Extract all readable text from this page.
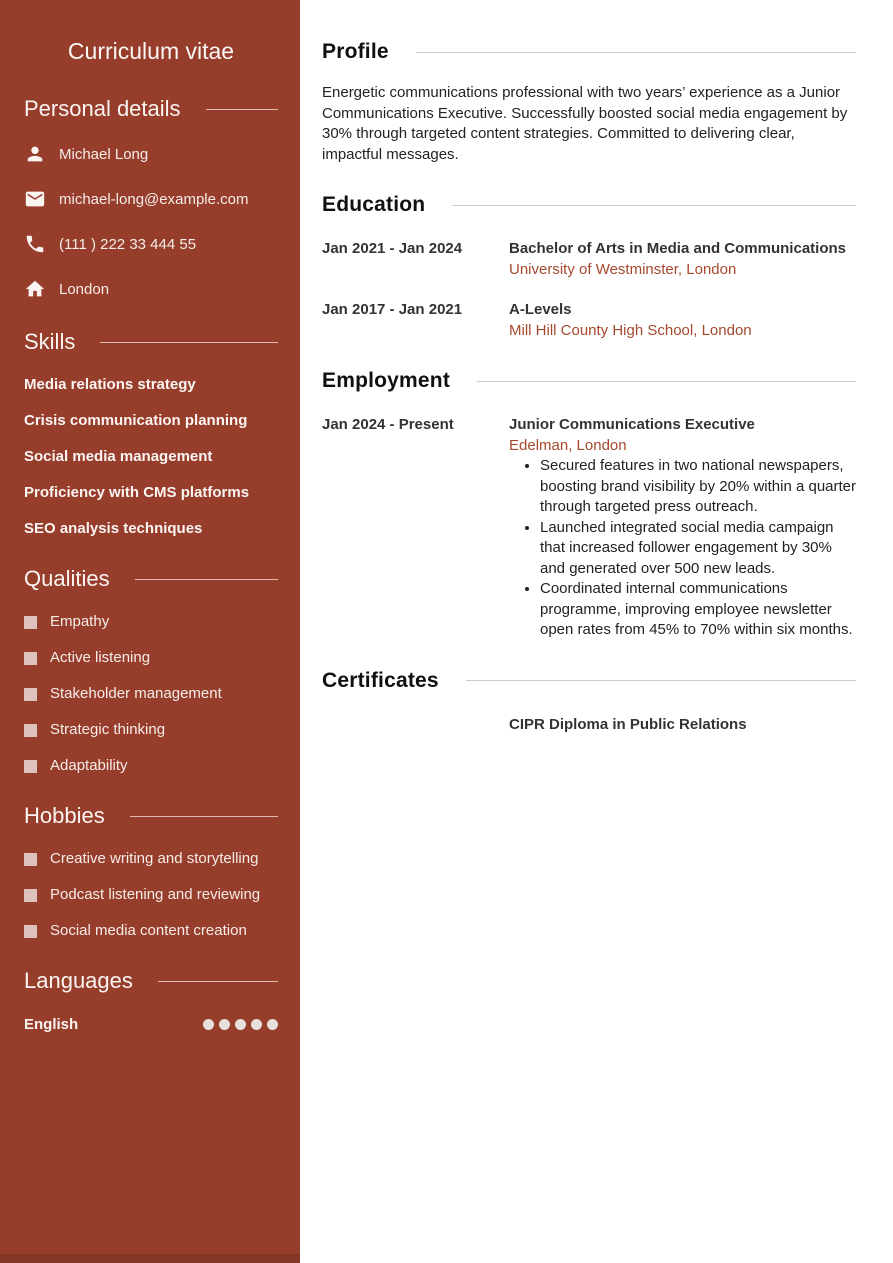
Curriculum vitae
Personal details
Michael Long
michael-long@example.com
(111 ) 222 33 444 55
London
Skills
Media relations strategy
Crisis communication planning
Social media management
Proficiency with CMS platforms
SEO analysis techniques
Qualities
Empathy
Active listening
Stakeholder management
Strategic thinking
Adaptability
Hobbies
Creative writing and storytelling
Podcast listening and reviewing
Social media content creation
Languages
English
Profile

Energetic communications professional with two years’ experience as a Junior Communications Executive. Successfully boosted social media engagement by 30% through targeted content strategies. Committed to delivering clear, impactful messages.

Education
Jan 2021 - Jan 2024	Bachelor of Arts in Media and Communications
University of Westminster, London
Jan 2017 - Jan 2021	A-Levels
Mill Hill County High School, London
Employment
Jan 2024 - Present	Junior Communications Executive
Edelman, London
• Secured features in two national newspapers, boosting brand visibility by 20% within a quarter through targeted press outreach.
• Launched integrated social media campaign that increased follower engagement by 30% and generated over 500 new leads.
• Coordinated internal communications programme, improving employee newsletter open rates from 45% to 70% within six months.
Certificates
CIPR Diploma in Public Relations
